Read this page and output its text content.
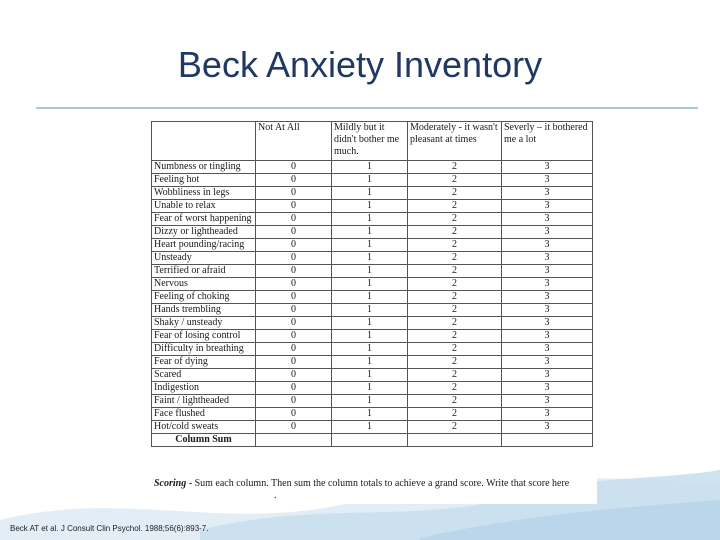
Beck Anxiety Inventory
	Not At All	Mildly but it didn't bother me much.	Moderately - it wasn't pleasant at times	Severly – it bothered me a lot
Numbness or tingling	0	1	2	3
Feeling hot	0	1	2	3
Wobbliness in legs	0	1	2	3
Unable to relax	0	1	2	3
Fear of worst happening	0	1	2	3
Dizzy or lightheaded	0	1	2	3
Heart pounding/racing	0	1	2	3
Unsteady	0	1	2	3
Terrified or afraid	0	1	2	3
Nervous	0	1	2	3
Feeling of choking	0	1	2	3
Hands trembling	0	1	2	3
Shaky / unsteady	0	1	2	3
Fear of losing control	0	1	2	3
Difficulty in breathing	0	1	2	3
Fear of dying	0	1	2	3
Scared	0	1	2	3
Indigestion	0	1	2	3
Faint / lightheaded	0	1	2	3
Face flushed	0	1	2	3
Hot/cold sweats	0	1	2	3
Column Sum				
Scoring - Sum each column. Then sum the column totals to achieve a grand score. Write that score here .
Beck AT et al. J Consult Clin Psychol. 1988;56(6):893-7.
